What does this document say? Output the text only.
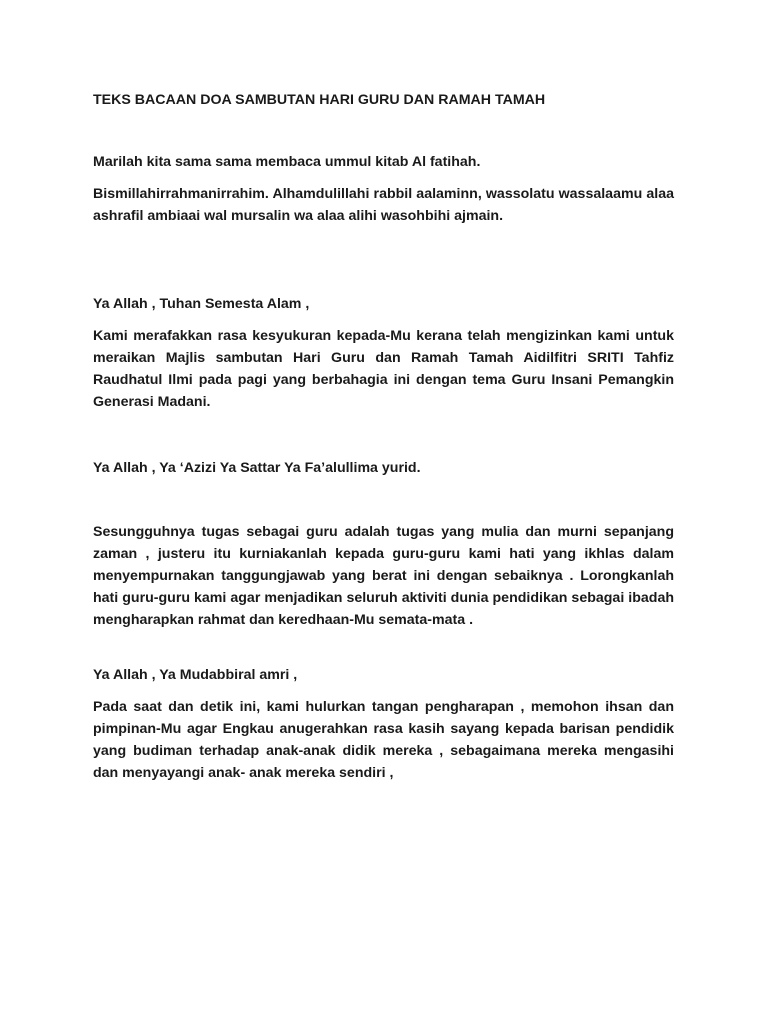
TEKS BACAAN DOA SAMBUTAN HARI GURU DAN RAMAH TAMAH

Marilah kita sama sama membaca ummul kitab Al fatihah.

Bismillahirrahmanirrahim. Alhamdulillahi rabbil aalaminn, wassolatu wassalaamu alaa ashrafil ambiaai wal mursalin wa alaa alihi wasohbihi ajmain.

Ya Allah , Tuhan Semesta Alam ,

Kami merafakkan rasa kesyukuran kepada-Mu kerana telah mengizinkan kami untuk meraikan Majlis sambutan Hari Guru dan Ramah Tamah Aidilfitri SRITI Tahfiz Raudhatul Ilmi pada pagi yang berbahagia ini dengan tema Guru Insani Pemangkin Generasi Madani.

Ya Allah , Ya ‘Azizi Ya Sattar Ya Fa’alullima yurid.

Sesungguhnya tugas sebagai guru adalah tugas yang mulia dan murni sepanjang zaman , justeru itu kurniakanlah kepada guru-guru kami hati yang ikhlas dalam menyempurnakan tanggungjawab yang berat ini dengan sebaiknya . Lorongkanlah hati guru-guru kami agar menjadikan seluruh aktiviti dunia pendidikan sebagai ibadah mengharapkan rahmat dan keredhaan-Mu semata-mata .

Ya Allah , Ya Mudabbiral amri ,

Pada saat dan detik ini, kami hulurkan tangan pengharapan , memohon ihsan dan pimpinan-Mu agar Engkau anugerahkan rasa kasih sayang kepada barisan pendidik yang budiman terhadap anak-anak didik mereka , sebagaimana mereka mengasihi dan menyayangi anak- anak mereka sendiri ,
